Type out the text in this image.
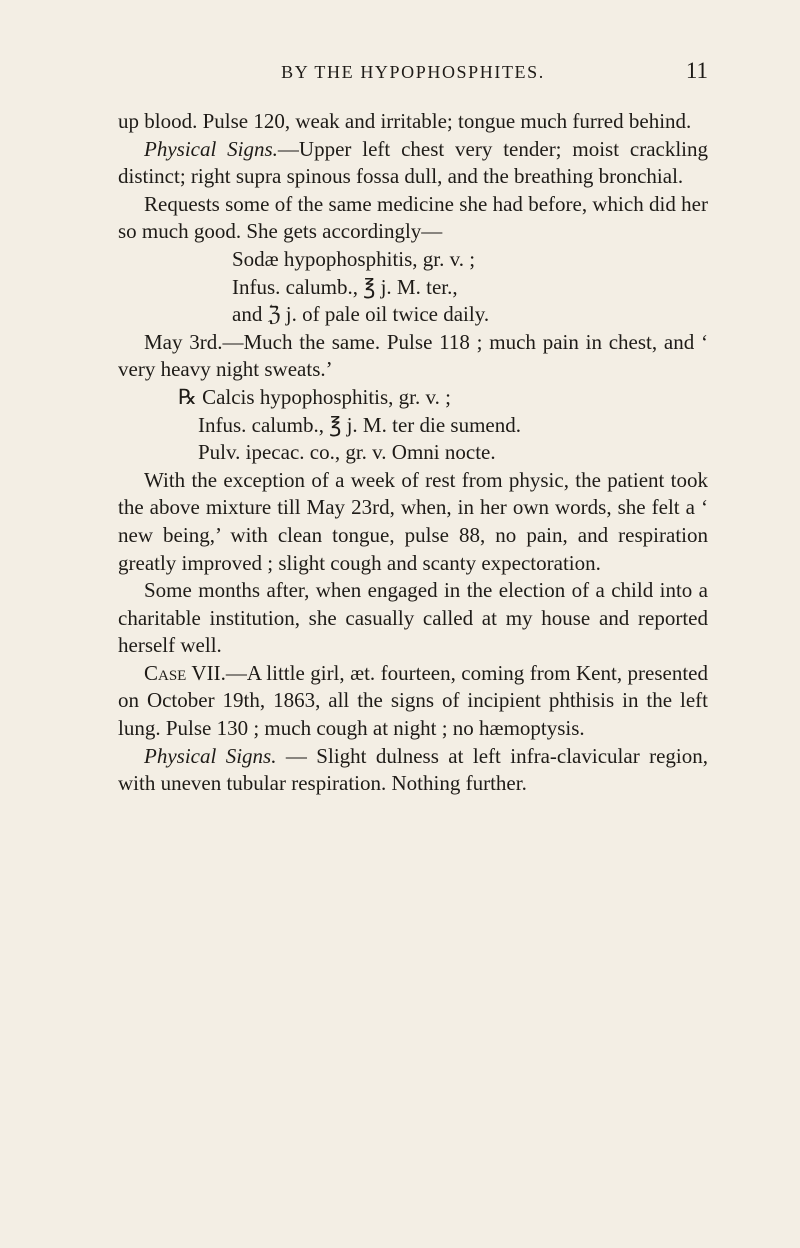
BY THE HYPOPHOSPHITES.	11

up blood. Pulse 120, weak and irritable; tongue much furred behind.

Physical Signs.—Upper left chest very tender; moist crackling distinct; right supra spinous fossa dull, and the breathing bronchial.

Requests some of the same medicine she had before, which did her so much good. She gets accordingly—

Sodæ hypophosphitis, gr. v. ;
Infus. calumb., ℥ j. M. ter.,
and ℨ j. of pale oil twice daily.

May 3rd.—Much the same. Pulse 118 ; much pain in chest, and ‘ very heavy night sweats.’

℞ Calcis hypophosphitis, gr. v. ;
Infus. calumb., ℥ j. M. ter die sumend.
Pulv. ipecac. co., gr. v. Omni nocte.

With the exception of a week of rest from physic, the patient took the above mixture till May 23rd, when, in her own words, she felt a ‘ new being,’ with clean tongue, pulse 88, no pain, and respiration greatly improved ; slight cough and scanty expectoration.

Some months after, when engaged in the election of a child into a charitable institution, she casually called at my house and reported herself well.

Case VII.—A little girl, æt. fourteen, coming from Kent, presented on October 19th, 1863, all the signs of incipient phthisis in the left lung. Pulse 130 ; much cough at night ; no hæmoptysis.

Physical Signs. — Slight dulness at left infra-clavicular region, with uneven tubular respiration. Nothing further.
